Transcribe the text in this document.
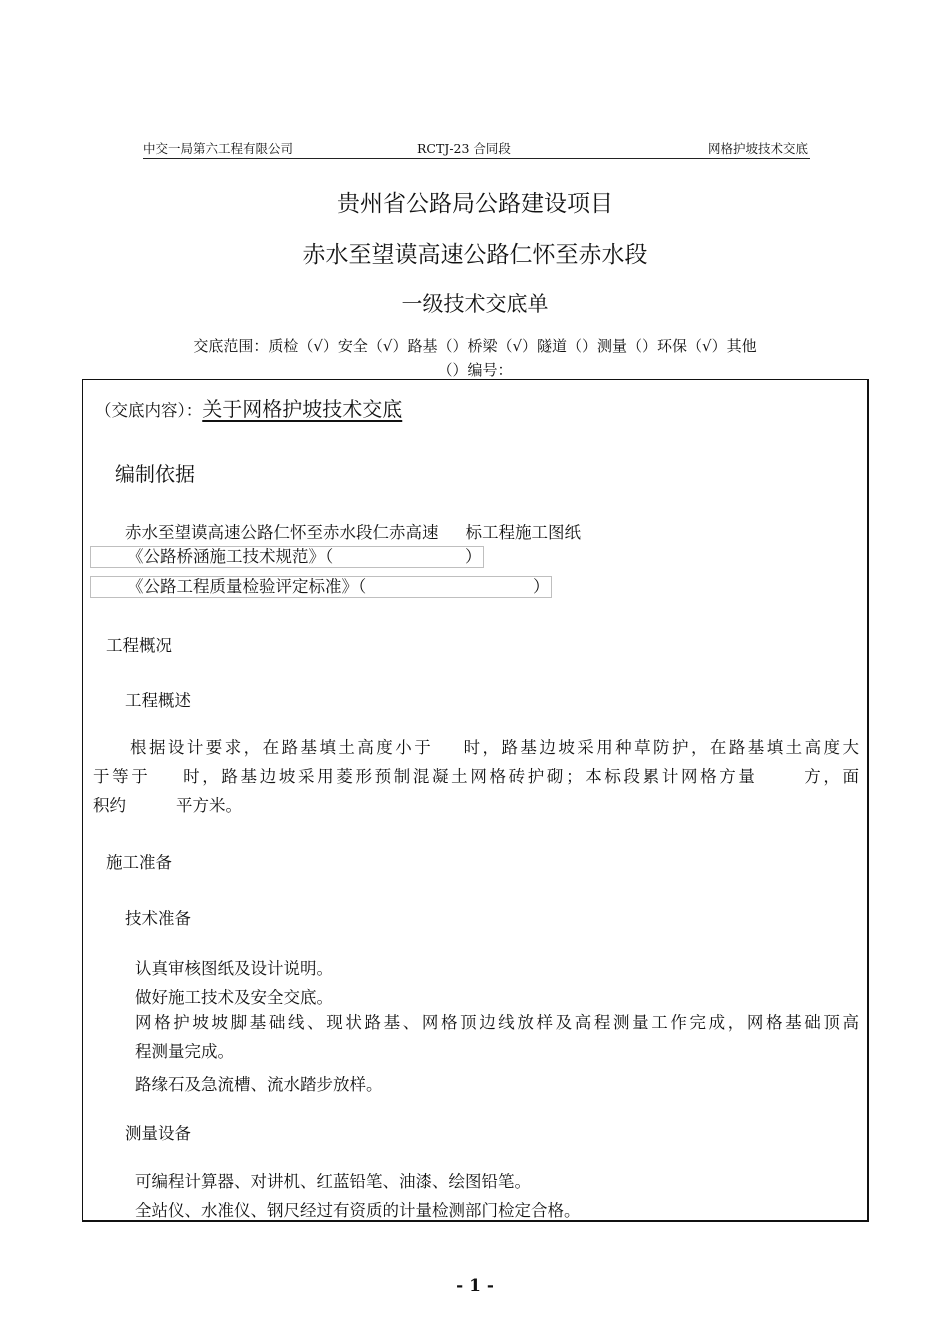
中交一局第六工程有限公司	RCTJ-23 合同段	网格护坡技术交底
贵州省公路局公路建设项目
赤水至望谟高速公路仁怀至赤水段
一级技术交底单
交底范围：质检（√）安全（√）路基（）桥梁（√）隧道（）测量（）环保（√）其他
（）编号：
（交底内容）：关于网格护坡技术交底
编制依据
赤水至望谟高速公路仁怀至赤水段仁赤高速 标工程施工图纸
《公路桥涵施工技术规范》（	）
《公路工程质量检验评定标准》（	）
工程概况
工程概述
根据设计要求，在路基填土高度小于 时，路基边坡采用种草防护，在路基填土高度大
于等于 时，路基边坡采用菱形预制混凝土网格砖护砌；本标段累计网格方量	方，面
积约	平方米。
施工准备
技术准备
认真审核图纸及设计说明。
做好施工技术及安全交底。
网格护坡坡脚基础线、现状路基、网格顶边线放样及高程测量工作完成，网格基础顶高
程测量完成。
路缘石及急流槽、流水踏步放样。
测量设备
可编程计算器、对讲机、红蓝铅笔、油漆、绘图铅笔。
全站仪、水准仪、钢尺经过有资质的计量检测部门检定合格。
- 1 -
